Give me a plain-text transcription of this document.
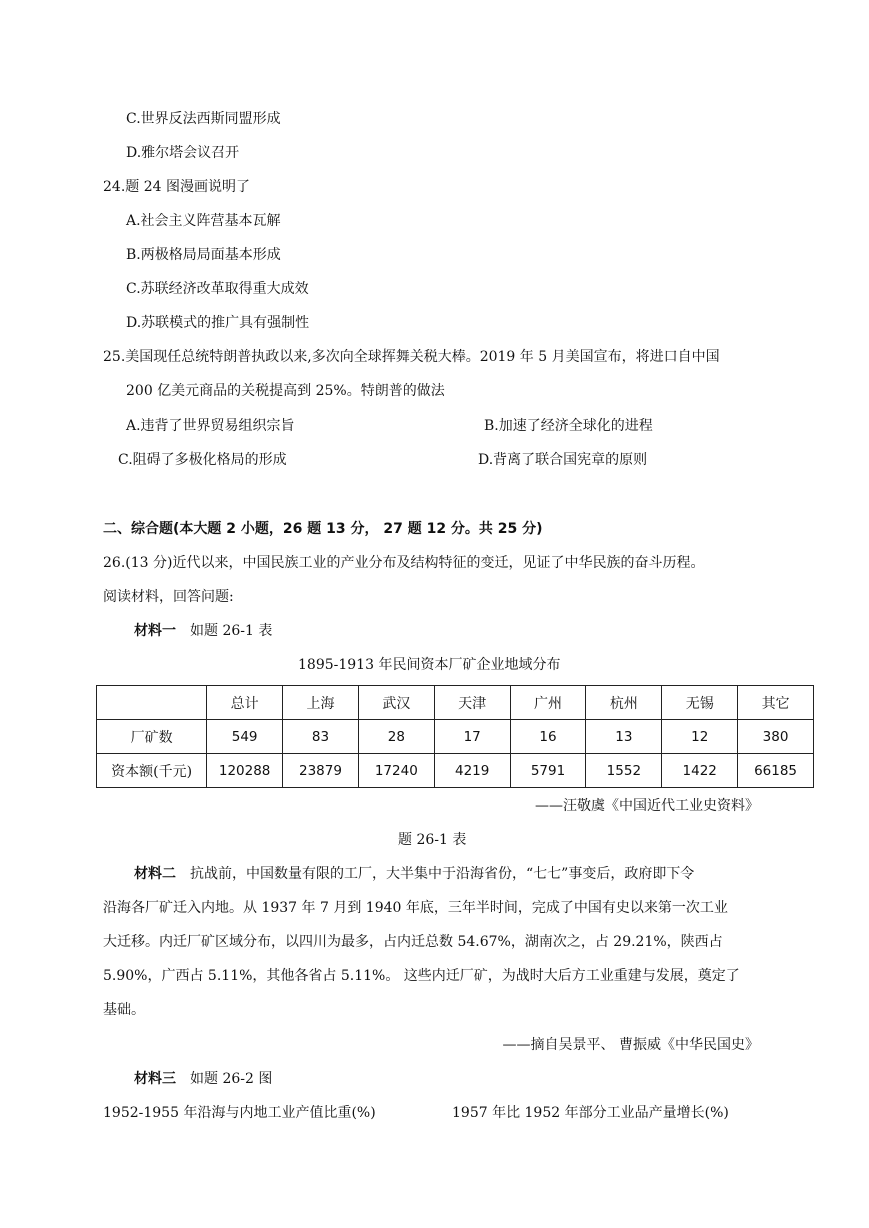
C.世界反法西斯同盟形成
D.雅尔塔会议召开
24.题 24 图漫画说明了
A.社会主义阵营基本瓦解
B.两极格局局面基本形成
C.苏联经济改革取得重大成效
D.苏联模式的推广具有强制性
25.美国现任总统特朗普执政以来,多次向全球挥舞关税大棒。2019 年 5 月美国宣布，将进口自中国
200 亿美元商品的关税提高到 25%。特朗普的做法
A.违背了世界贸易组织宗旨	B.加速了经济全球化的进程
C.阻碍了多极化格局的形成	D.背离了联合国宪章的原则
二、综合题(本大题 2 小题，26 题 13 分， 27 题 12 分。共 25 分)
26.(13 分)近代以来，中国民族工业的产业分布及结构特征的变迁，见证了中华民族的奋斗历程。
阅读材料，回答问题:
材料一 如题 26-1 表
1895-1913 年民间资本厂矿企业地域分布
	总计	上海	武汉	天津	广州	杭州	无锡	其它
厂矿数	549	83	28	17	16	13	12	380
资本额(千元)	120288	23879	17240	4219	5791	1552	1422	66185
——汪敬虞《中国近代工业史资料》
题 26-1 表
材料二 抗战前，中国数量有限的工厂，大半集中于沿海省份，“七七”事变后，政府即下令
沿海各厂矿迁入内地。从 1937 年 7 月到 1940 年底，三年半时间，完成了中国有史以来第一次工业
大迁移。内迁厂矿区域分布，以四川为最多，占内迁总数 54.67%，湖南次之，占 29.21%，陕西占
5.90%，广西占 5.11%，其他各省占 5.11%。 这些内迁厂矿，为战时大后方工业重建与发展，奠定了
基础。
——摘自吴景平、 曹振威《中华民国史》
材料三 如题 26-2 图
1952-1955 年沿海与内地工业产值比重(%)	1957 年比 1952 年部分工业品产量增长(%)
